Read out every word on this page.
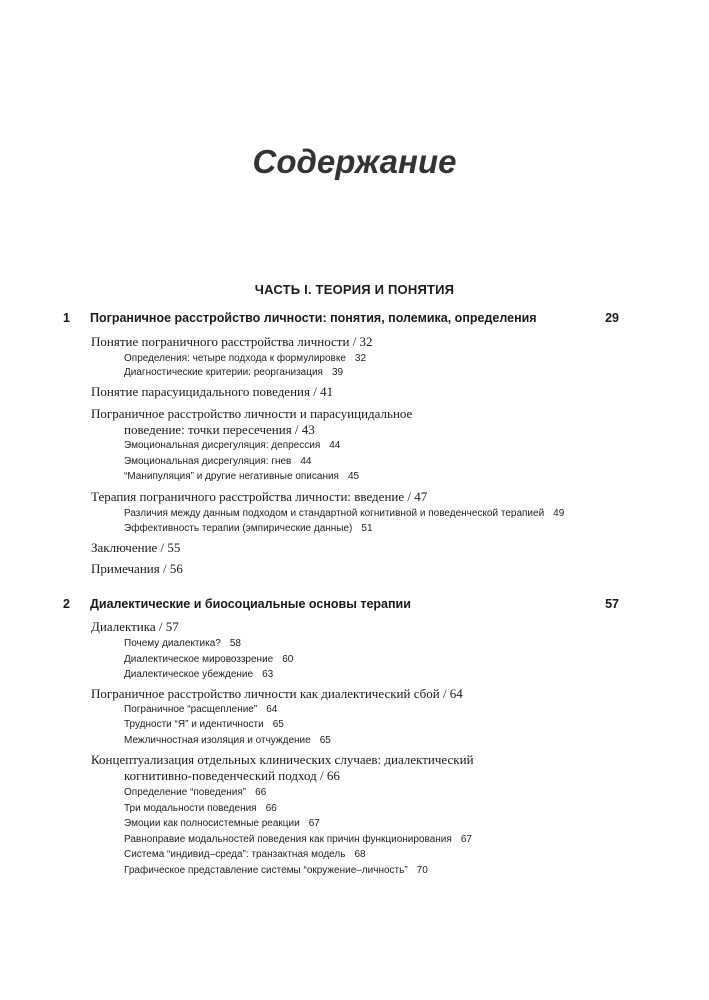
Содержание
ЧАСТЬ I. ТЕОРИЯ И ПОНЯТИЯ
1 Пограничное расстройство личности: понятия, полемика, определения	29
Понятие пограничного расстройства личности / 32
Определения: четыре подхода к формулировке 32
Диагностические критерии: реорганизация 39
Понятие парасуицидального поведения / 41
Пограничное расстройство личности и парасуицидальное
поведение: точки пересечения / 43
Эмоциональная дисрегуляция: депрессия 44
Эмоциональная дисрегуляция: гнев 44
“Манипуляция” и другие негативные описания 45
Терапия пограничного расстройства личности: введение / 47
Различия между данным подходом и стандартной когнитивной и поведенческой терапией 49
Эффективность терапии (эмпирические данные) 51
Заключение / 55
Примечания / 56
2 Диалектические и биосоциальные основы терапии	57
Диалектика / 57
Почему диалектика? 58
Диалектическое мировоззрение 60
Диалектическое убеждение 63
Пограничное расстройство личности как диалектический сбой / 64
Пограничное “расщепление” 64
Трудности “Я” и идентичности 65
Межличностная изоляция и отчуждение 65
Концептуализация отдельных клинических случаев: диалектический
когнитивно-поведенческий подход / 66
Определение “поведения” 66
Три модальности поведения 66
Эмоции как полносистемные реакции 67
Равноправие модальностей поведения как причин функционирования 67
Система “индивид–среда”: транзактная модель 68
Графическое представление системы “окружение–личность” 70
